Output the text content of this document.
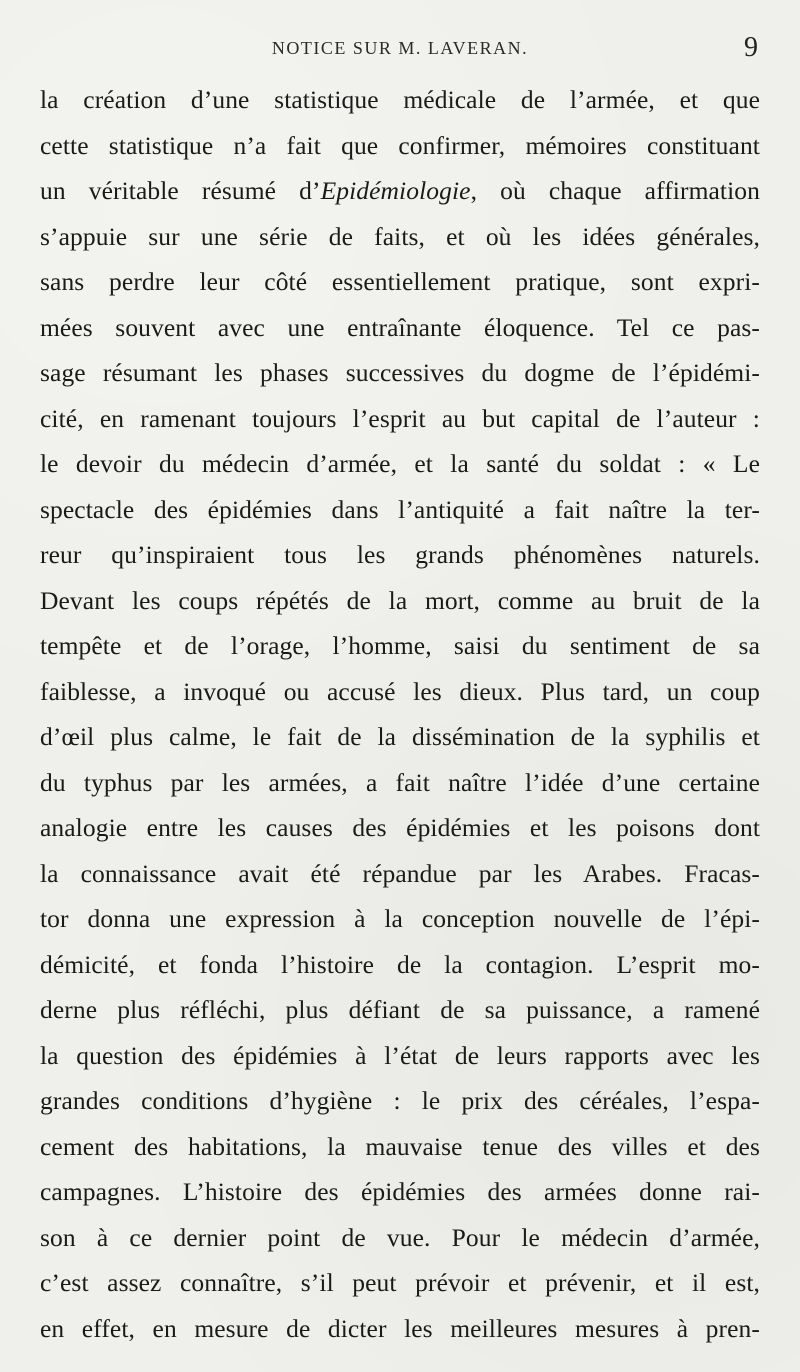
NOTICE SUR M. LAVERAN.	9
la création d’une statistique médicale de l’armée, et que
cette statistique n’a fait que confirmer, mémoires constituant
un véritable résumé d’Epidémiologie, où chaque affirmation
s’appuie sur une série de faits, et où les idées générales,
sans perdre leur côté essentiellement pratique, sont expri-
mées souvent avec une entraînante éloquence. Tel ce pas-
sage résumant les phases successives du dogme de l’épidémi-
cité, en ramenant toujours l’esprit au but capital de l’auteur :
le devoir du médecin d’armée, et la santé du soldat : « Le
spectacle des épidémies dans l’antiquité a fait naître la ter-
reur qu’inspiraient tous les grands phénomènes naturels.
Devant les coups répétés de la mort, comme au bruit de la
tempête et de l’orage, l’homme, saisi du sentiment de sa
faiblesse, a invoqué ou accusé les dieux. Plus tard, un coup
d’œil plus calme, le fait de la dissémination de la syphilis et
du typhus par les armées, a fait naître l’idée d’une certaine
analogie entre les causes des épidémies et les poisons dont
la connaissance avait été répandue par les Arabes. Fracas-
tor donna une expression à la conception nouvelle de l’épi-
démicité, et fonda l’histoire de la contagion. L’esprit mo-
derne plus réfléchi, plus défiant de sa puissance, a ramené
la question des épidémies à l’état de leurs rapports avec les
grandes conditions d’hygiène : le prix des céréales, l’espa-
cement des habitations, la mauvaise tenue des villes et des
campagnes. L’histoire des épidémies des armées donne rai-
son à ce dernier point de vue. Pour le médecin d’armée,
c’est assez connaître, s’il peut prévoir et prévenir, et il est,
en effet, en mesure de dicter les meilleures mesures à pren-
